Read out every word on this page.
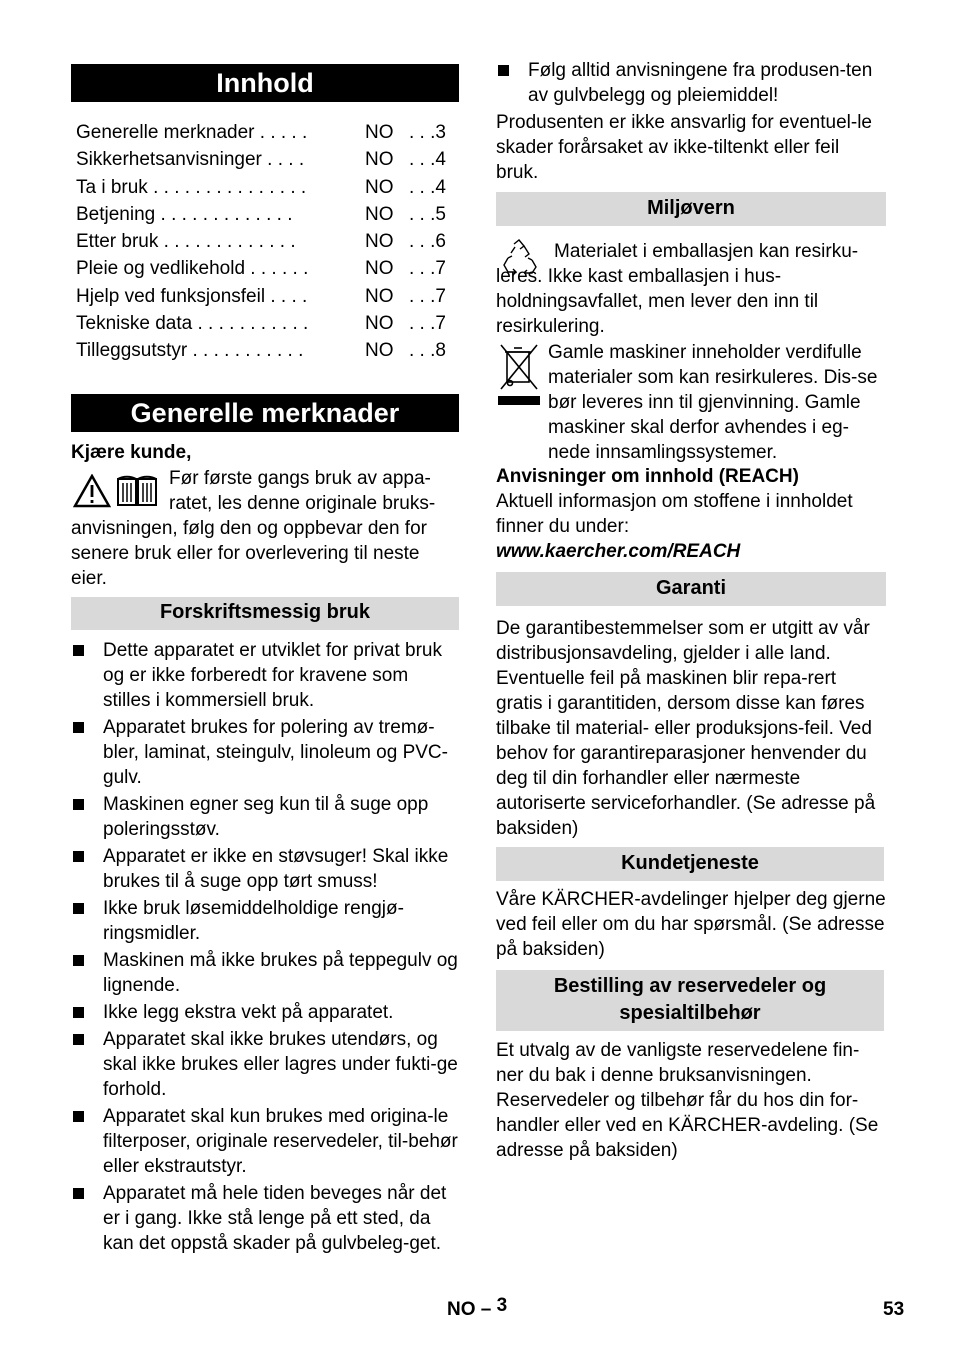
Innhold
Generelle merknader . . . . .	NO . . .3
Sikkerhetsanvisninger . . . .	NO . . .4
Ta i bruk . . . . . . . . . . . . . . .	NO . . .4
Betjening . . . . . . . . . . . . .	NO . . .5
Etter bruk . . . . . . . . . . . . .	NO . . .6
Pleie og vedlikehold . . . . . .	NO . . .7
Hjelp ved funksjonsfeil . . . .	NO . . .7
Tekniske data . . . . . . . . . . .	NO . . .7
Tilleggsutstyr . . . . . . . . . . .	NO . . .8
Generelle merknader
Kjære kunde,
Før første gangs bruk av appa-
ratet, les denne originale bruks-
anvisningen, følg den og oppbevar den for senere bruk eller for overlevering til neste eier.
Forskriftsmessig bruk
Dette apparatet er utviklet for privat bruk og er ikke forberedt for kravene som stilles i kommersiell bruk.
Apparatet brukes for polering av tremø-bler, laminat, steingulv, linoleum og PVC-gulv.
Maskinen egner seg kun til å suge opp poleringsstøv.
Apparatet er ikke en støvsuger! Skal ikke brukes til å suge opp tørt smuss!
Ikke bruk løsemiddelholdige rengjø-ringsmidler.
Maskinen må ikke brukes på teppegulv og lignende.
Ikke legg ekstra vekt på apparatet.
Apparatet skal ikke brukes utendørs, og skal ikke brukes eller lagres under fukti-ge forhold.
Apparatet skal kun brukes med origina-le filterposer, originale reservedeler, til-behør eller ekstrautstyr.
Apparatet må hele tiden beveges når det er i gang. Ikke stå lenge på ett sted, da kan det oppstå skader på gulvbeleg-get.
Følg alltid anvisningene fra produsen-ten av gulvbelegg og pleiemiddel!
Produsenten er ikke ansvarlig for eventuel-le skader forårsaket av ikke-tiltenkt eller feil bruk.
Miljøvern
Materialet i emballasjen kan resirku-leres. Ikke kast emballasjen i hus-holdningsavfallet, men lever den inn til resirkulering.
Gamle maskiner inneholder verdifulle materialer som kan resirkuleres. Dis-se bør leveres inn til gjenvinning. Gamle maskiner skal derfor avhendes i eg-nede innsamlingssystemer.
Anvisninger om innhold (REACH)
Aktuell informasjon om stoffene i innholdet finner du under:
www.kaercher.com/REACH
Garanti
De garantibestemmelser som er utgitt av vår distribusjonsavdeling, gjelder i alle land. Eventuelle feil på maskinen blir repa-rert gratis i garantitiden, dersom disse kan føres tilbake til material- eller produksjons-feil. Ved behov for garantireparasjoner henvender du deg til din forhandler eller nærmeste autoriserte serviceforhandler. (Se adresse på baksiden)
Kundetjeneste
Våre KÄRCHER-avdelinger hjelper deg gjerne ved feil eller om du har spørsmål. (Se adresse på baksiden)
Bestilling av reservedeler og
spesialtilbehør
Et utvalg av de vanligste reservedelene fin-ner du bak i denne bruksanvisningen. Reservedeler og tilbehør får du hos din for-handler eller ved en KÄRCHER-avdeling. (Se adresse på baksiden)
NO – 3	53
